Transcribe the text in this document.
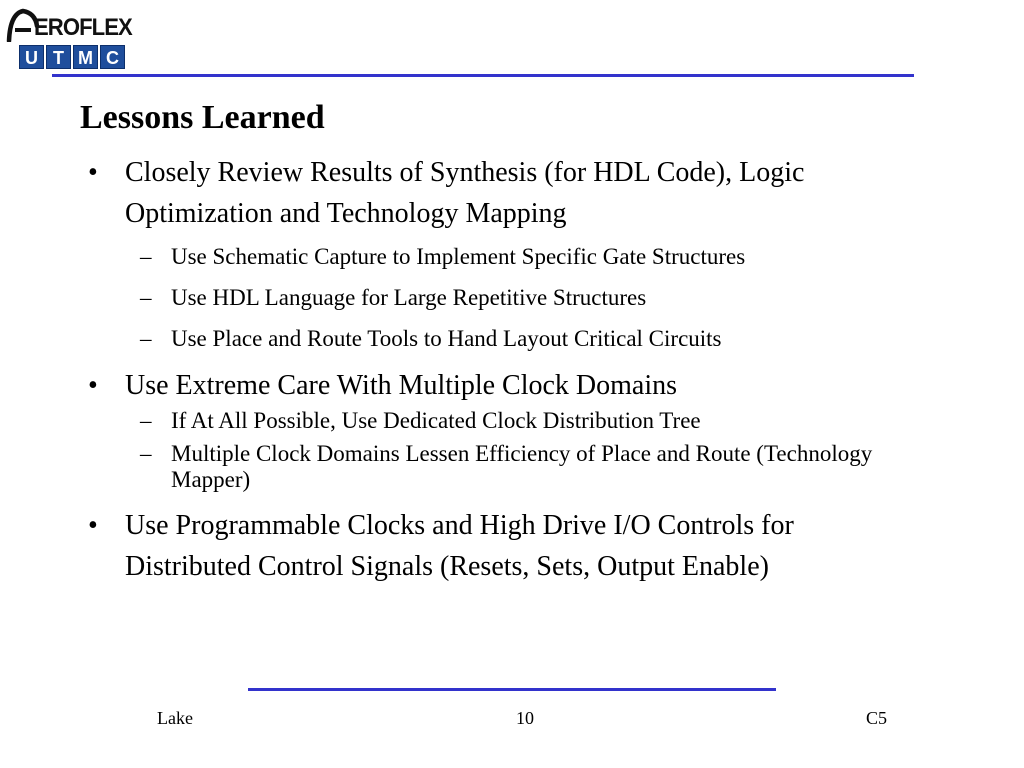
EROFLEX
U T M C
Lessons Learned
• Closely Review Results of Synthesis (for HDL Code), Logic Optimization and Technology Mapping
– Use Schematic Capture to Implement Specific Gate Structures
– Use HDL Language for Large Repetitive Structures
– Use Place and Route Tools to Hand Layout Critical Circuits
• Use Extreme Care With Multiple Clock Domains
– If At All Possible, Use Dedicated Clock Distribution Tree
– Multiple Clock Domains Lessen Efficiency of Place and Route (Technology Mapper)
• Use Programmable Clocks and High Drive I/O Controls for Distributed Control Signals (Resets, Sets, Output Enable)
Lake	10	C5
